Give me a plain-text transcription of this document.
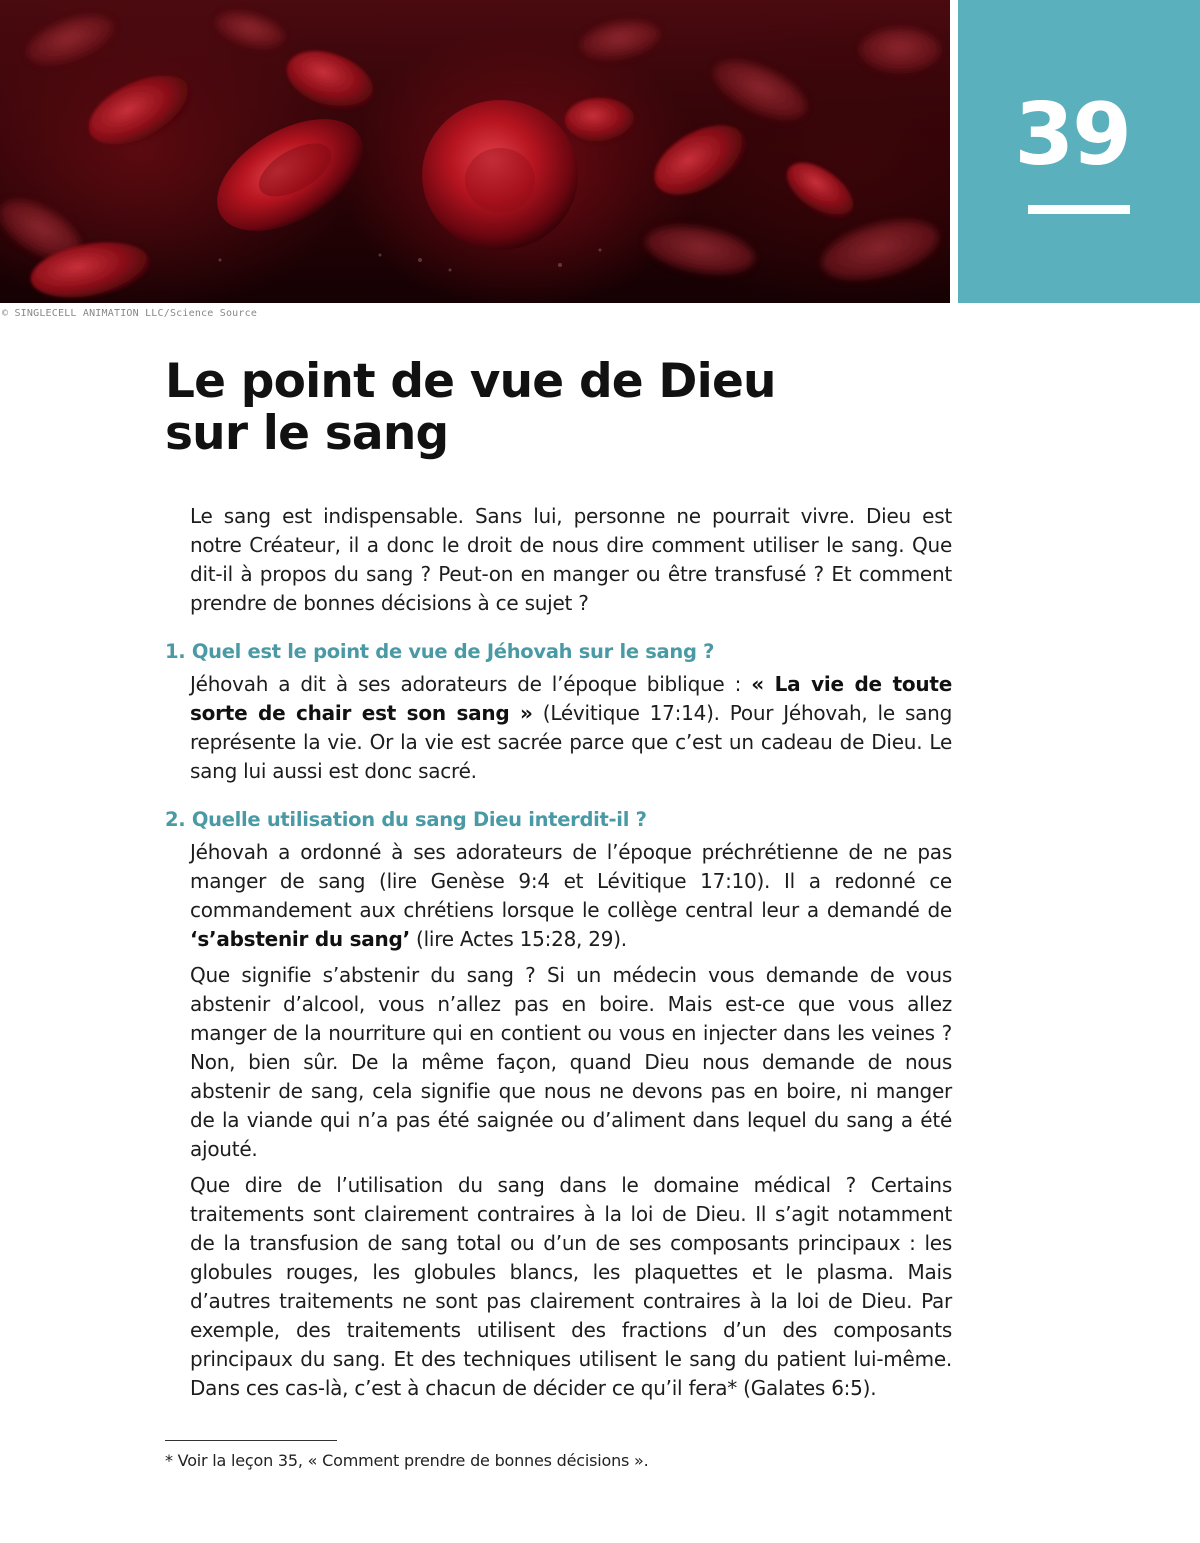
39
© SINGLECELL ANIMATION LLC/Science Source
Le point de vue de Dieu
sur le sang

Le sang est indispensable. Sans lui, personne ne pourrait vivre. Dieu est notre Créateur, il a donc le droit de nous dire comment utiliser le sang. Que dit-il à propos du sang ? Peut-on en manger ou être transfusé ? Et comment prendre de bonnes décisions à ce sujet ?

1. Quel est le point de vue de Jéhovah sur le sang ?

Jéhovah a dit à ses adorateurs de l’époque biblique : « La vie de toute sorte de chair est son sang » (Lévitique 17:14). Pour Jéhovah, le sang représente la vie. Or la vie est sacrée parce que c’est un cadeau de Dieu. Le sang lui aussi est donc sacré.

2. Quelle utilisation du sang Dieu interdit-il ?

Jéhovah a ordonné à ses adorateurs de l’époque préchrétienne de ne pas manger de sang (lire Genèse 9:4 et Lévitique 17:10). Il a redonné ce commandement aux chrétiens lorsque le collège central leur a demandé de ‘s’abstenir du sang’ (lire Actes 15:28, 29).

Que signifie s’abstenir du sang ? Si un médecin vous demande de vous abstenir d’alcool, vous n’allez pas en boire. Mais est-ce que vous allez manger de la nourriture qui en contient ou vous en injecter dans les veines ? Non, bien sûr. De la même façon, quand Dieu nous demande de nous abstenir de sang, cela signifie que nous ne devons pas en boire, ni manger de la viande qui n’a pas été saignée ou d’aliment dans lequel du sang a été ajouté.

Que dire de l’utilisation du sang dans le domaine médical ? Certains traitements sont clairement contraires à la loi de Dieu. Il s’agit notamment de la transfusion de sang total ou d’un de ses composants principaux : les globules rouges, les globules blancs, les plaquettes et le plasma. Mais d’autres traitements ne sont pas clairement contraires à la loi de Dieu. Par exemple, des traitements utilisent des fractions d’un des composants principaux du sang. Et des techniques utilisent le sang du patient lui-même. Dans ces cas-là, c’est à chacun de décider ce qu’il fera* (Galates 6:5).

* Voir la leçon 35, « Comment prendre de bonnes décisions ».
